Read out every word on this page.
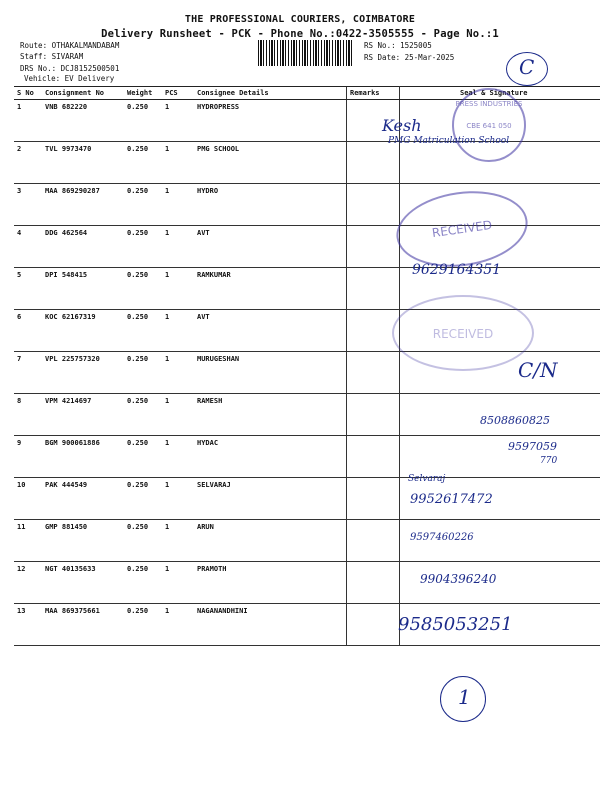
THE PROFESSIONAL COURIERS, COIMBATORE
Delivery Runsheet - PCK - Phone No.:0422-3505555 - Page No.:1
Route: OTHAKALMANDABAM
Staff: SIVARAM
DRS No.: DCJ8152500501
Vehicle: EV Delivery
RS No.: 1525005
RS Date: 25-Mar-2025	C
S No	Consignment No	Weight	PCS	Consignee Details	Remarks	Seal & Signature
1	VNB 682220	0.250	1	HYDROPRESS		
2	TVL 9973470	0.250	1	PMG SCHOOL		
3	MAA 869290287	0.250	1	HYDRO		
4	DDG 462564	0.250	1	AVT		
5	DPI 548415	0.250	1	RAMKUMAR		
6	KOC 62167319	0.250	1	AVT		
7	VPL 225757320	0.250	1	MURUGESHAN		
8	VPM 4214697	0.250	1	RAMESH		
9	BGM 900061886	0.250	1	HYDAC		
10	PAK 444549	0.250	1	SELVARAJ		
11	GMP 881450	0.250	1	ARUN		
12	NGT 40135633	0.250	1	PRAMOTH		
13	MAA 869375661	0.250	1	NAGANANDHINI		
PRESS INDUSTRIES
CBE 641 050
RECEIVED
RECEIVED
Kesh
PMG Matriculation School
9629164351
C/N
8508860825
9597059
770
Selvaraj
9952617472
9597460226
9904396240
9585053251
1
